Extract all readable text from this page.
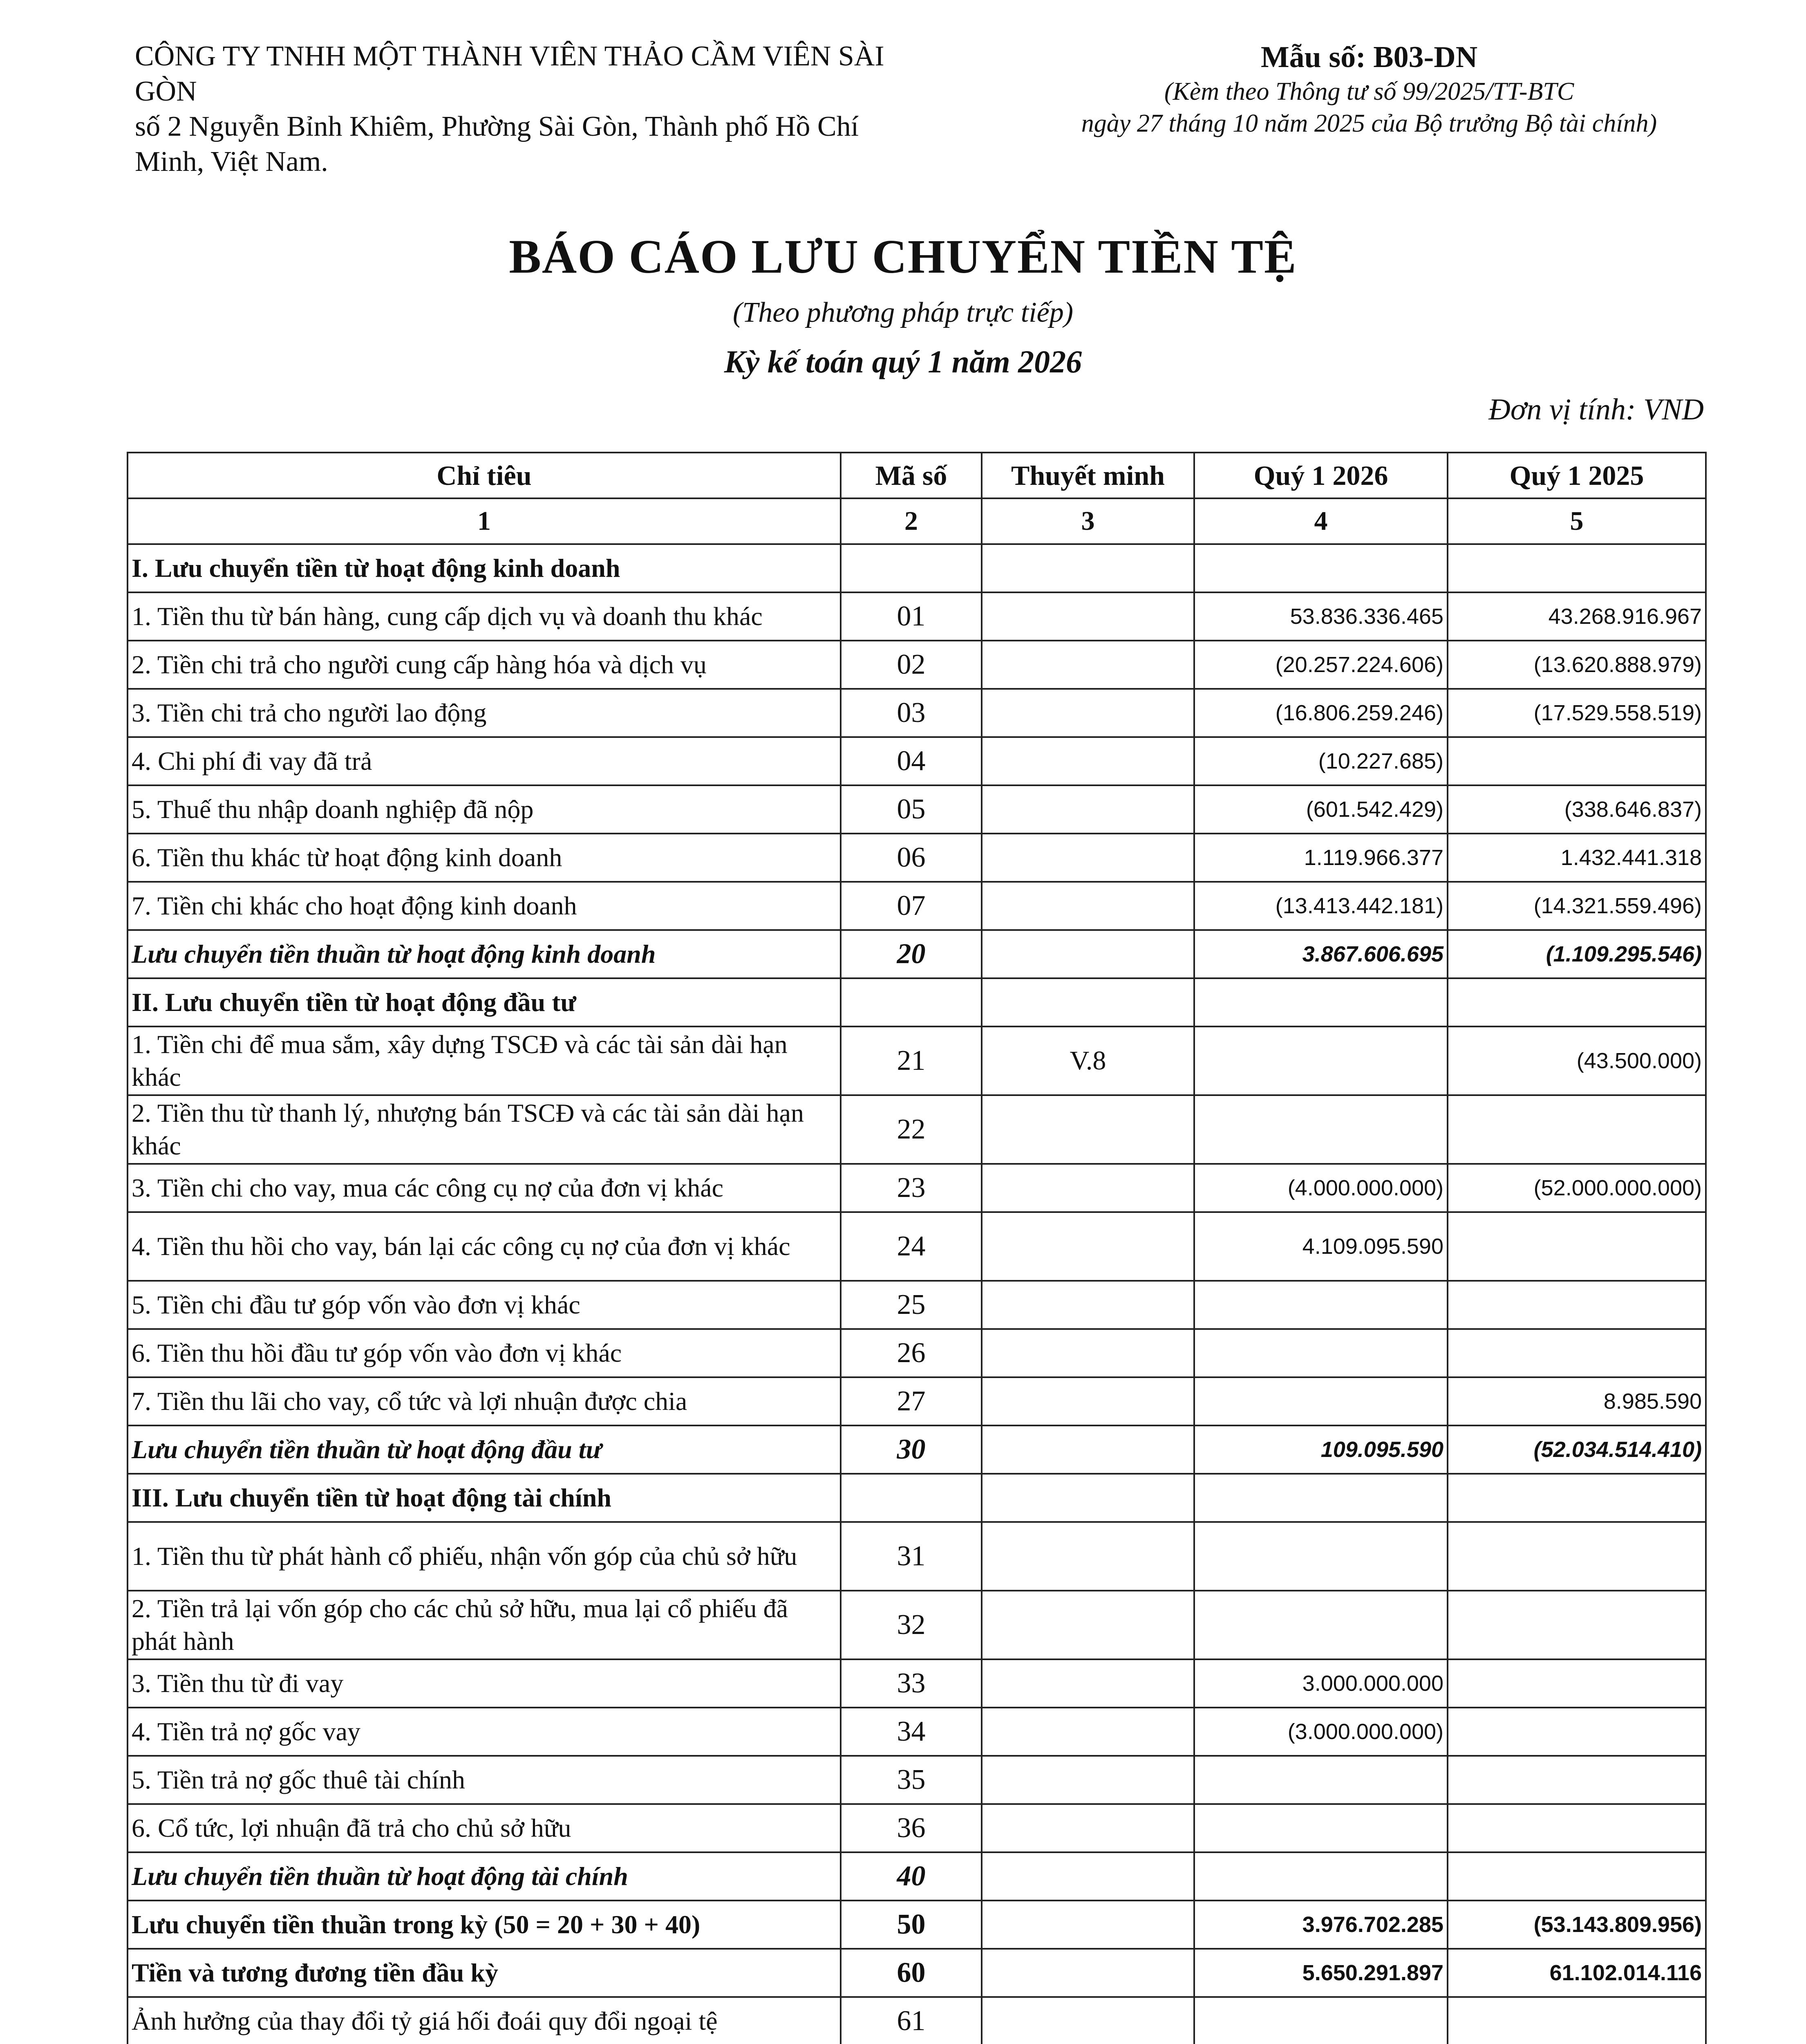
CÔNG TY TNHH MỘT THÀNH VIÊN THẢO CẦM VIÊN SÀI
GÒN
số 2 Nguyễn Bỉnh Khiêm, Phường Sài Gòn, Thành phố Hồ Chí
Minh, Việt Nam.
Mẫu số: B03-DN
(Kèm theo Thông tư số 99/2025/TT-BTC
ngày 27 tháng 10 năm 2025 của Bộ trưởng Bộ tài chính)
BÁO CÁO LƯU CHUYỂN TIỀN TỆ
(Theo phương pháp trực tiếp)
Kỳ kế toán quý 1 năm 2026
Đơn vị tính: VND
Chỉ tiêu	Mã số	Thuyết minh	Quý 1 2026	Quý 1 2025
1	2	3	4	5
I. Lưu chuyển tiền từ hoạt động kinh doanh				
1. Tiền thu từ bán hàng, cung cấp dịch vụ và doanh thu khác	01		53.836.336.465	43.268.916.967
2. Tiền chi trả cho người cung cấp hàng hóa và dịch vụ	02		(20.257.224.606)	(13.620.888.979)
3. Tiền chi trả cho người lao động	03		(16.806.259.246)	(17.529.558.519)
4. Chi phí đi vay đã trả	04		(10.227.685)	
5. Thuế thu nhập doanh nghiệp đã nộp	05		(601.542.429)	(338.646.837)
6. Tiền thu khác từ hoạt động kinh doanh	06		1.119.966.377	1.432.441.318
7. Tiền chi khác cho hoạt động kinh doanh	07		(13.413.442.181)	(14.321.559.496)
Lưu chuyển tiền thuần từ hoạt động kinh doanh	20		3.867.606.695	(1.109.295.546)
II. Lưu chuyển tiền từ hoạt động đầu tư				
1. Tiền chi để mua sắm, xây dựng TSCĐ và các tài sản dài hạn khác	21	V.8		(43.500.000)
2. Tiền thu từ thanh lý, nhượng bán TSCĐ và các tài sản dài hạn khác	22			
3. Tiền chi cho vay, mua các công cụ nợ của đơn vị khác	23		(4.000.000.000)	(52.000.000.000)
4. Tiền thu hồi cho vay, bán lại các công cụ nợ của đơn vị khác	24		4.109.095.590	
5. Tiền chi đầu tư góp vốn vào đơn vị khác	25			
6. Tiền thu hồi đầu tư góp vốn vào đơn vị khác	26			
7. Tiền thu lãi cho vay, cổ tức và lợi nhuận được chia	27			8.985.590
Lưu chuyển tiền thuần từ hoạt động đầu tư	30		109.095.590	(52.034.514.410)
III. Lưu chuyển tiền từ hoạt động tài chính				
1. Tiền thu từ phát hành cổ phiếu, nhận vốn góp của chủ sở hữu	31			
2. Tiền trả lại vốn góp cho các chủ sở hữu, mua lại cổ phiếu đã phát hành	32			
3. Tiền thu từ đi vay	33		3.000.000.000	
4. Tiền trả nợ gốc vay	34		(3.000.000.000)	
5. Tiền trả nợ gốc thuê tài chính	35			
6. Cổ tức, lợi nhuận đã trả cho chủ sở hữu	36			
Lưu chuyển tiền thuần từ hoạt động tài chính	40			
Lưu chuyển tiền thuần trong kỳ (50 = 20 + 30 + 40)	50		3.976.702.285	(53.143.809.956)
Tiền và tương đương tiền đầu kỳ	60		5.650.291.897	61.102.014.116
Ảnh hưởng của thay đổi tỷ giá hối đoái quy đổi ngoại tệ	61			
